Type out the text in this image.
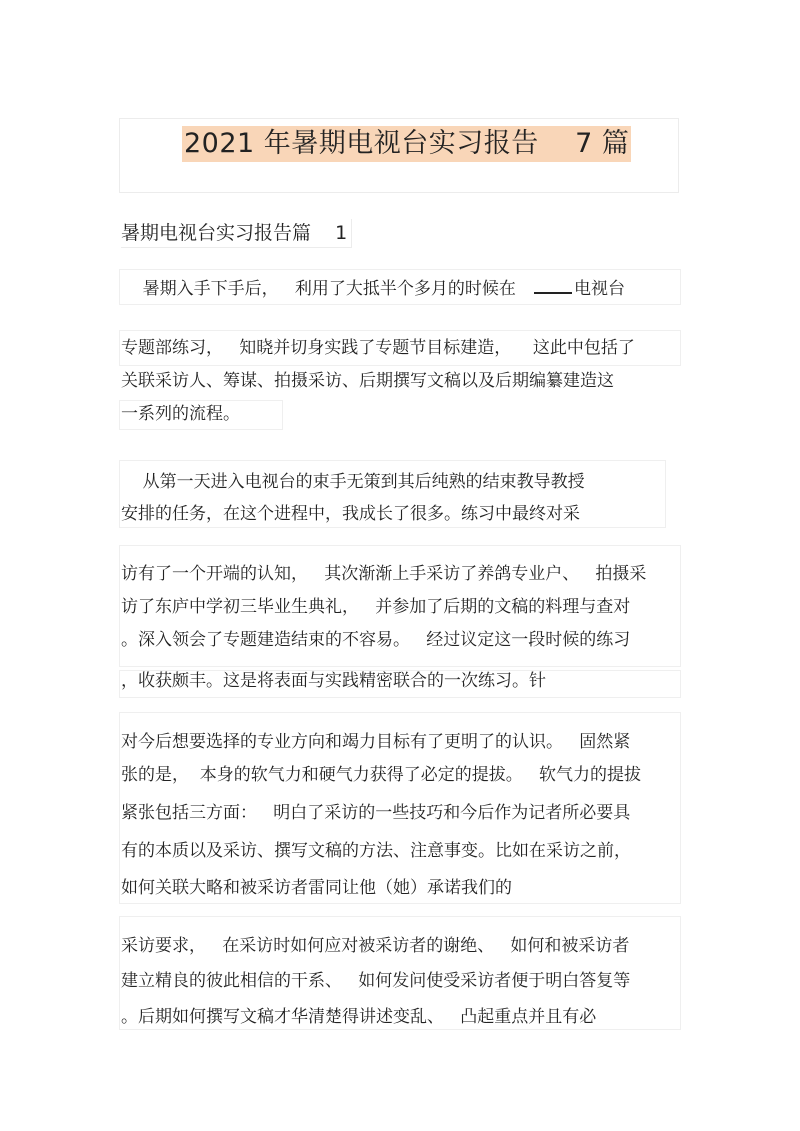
2021 年暑期电视台实习报告    7 篇
暑期电视台实习报告篇    1
暑期入手下手后，   利用了大抵半个多月的时候在   电视台
专题部练习，   知晓并切身实践了专题节目标建造，    这此中包括了
关联采访人、筹谋、拍摄采访、后期撰写文稿以及后期编纂建造这
一系列的流程。
从第一天进入电视台的束手无策到其后纯熟的结束教导教授
安排的任务，在这个进程中，我成长了很多。练习中最终对采
访有了一个开端的认知，   其次渐渐上手采访了养鸽专业户、   拍摄采
访了东庐中学初三毕业生典礼，   并参加了后期的文稿的料理与查对
。深入领会了专题建造结束的不容易。   经过议定这一段时候的练习
，收获颇丰。这是将表面与实践精密联合的一次练习。针
对今后想要选择的专业方向和竭力目标有了更明了的认识。   固然紧
张的是，  本身的软气力和硬气力获得了必定的提拔。   软气力的提拔
紧张包括三方面：   明白了采访的一些技巧和今后作为记者所必要具
有的本质以及采访、撰写文稿的方法、注意事变。比如在采访之前，
如何关联大略和被采访者雷同让他（她）承诺我们的
采访要求，   在采访时如何应对被采访者的谢绝、   如何和被采访者
建立精良的彼此相信的干系、   如何发问使受采访者便于明白答复等
。后期如何撰写文稿才华清楚得讲述变乱、   凸起重点并且有必
